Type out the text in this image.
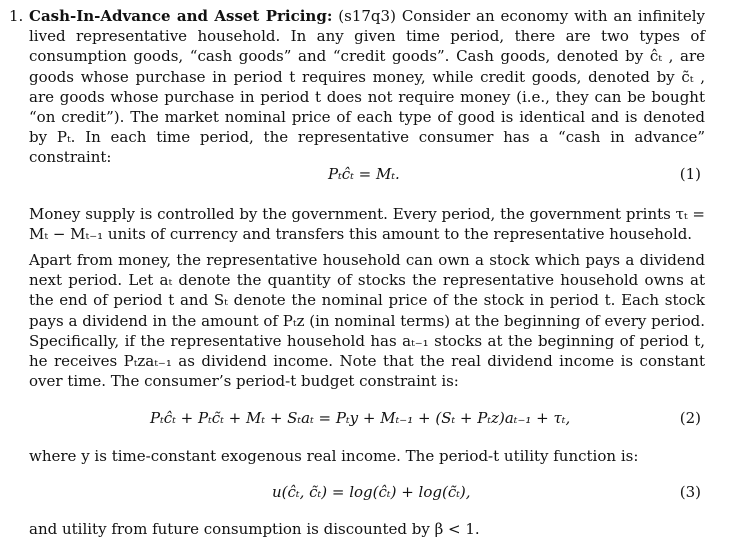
1. Cash-In-Advance and Asset Pricing: (s17q3) Consider an economy with an infinitely lived representative household. In any given time period, there are two types of consumption goods, “cash goods” and “credit goods”. Cash goods, denoted by ĉₜ , are goods whose purchase in period t requires money, while credit goods, denoted by c̃ₜ , are goods whose purchase in period t does not require money (i.e., they can be bought “on credit”). The market nominal price of each type of good is identical and is denoted by Pₜ. In each time period, the representative consumer has a “cash in advance” constraint:
Pₜĉₜ = Mₜ.	(1)
Money supply is controlled by the government. Every period, the government prints τₜ = Mₜ − Mₜ₋₁ units of currency and transfers this amount to the representative household.
Apart from money, the representative household can own a stock which pays a dividend next period. Let aₜ denote the quantity of stocks the representative household owns at the end of period t and Sₜ denote the nominal price of the stock in period t. Each stock pays a dividend in the amount of Pₜz (in nominal terms) at the beginning of every period. Specifically, if the representative household has aₜ₋₁ stocks at the beginning of period t, he receives Pₜzaₜ₋₁ as dividend income. Note that the real dividend income is constant over time. The consumer’s period-t budget constraint is:
Pₜĉₜ + Pₜc̃ₜ + Mₜ + Sₜaₜ = Pₜy + Mₜ₋₁ + (Sₜ + Pₜz)aₜ₋₁ + τₜ,	(2)
where y is time-constant exogenous real income. The period-t utility function is:
u(ĉₜ, c̃ₜ) = log(ĉₜ) + log(c̃ₜ),	(3)
and utility from future consumption is discounted by β < 1.
